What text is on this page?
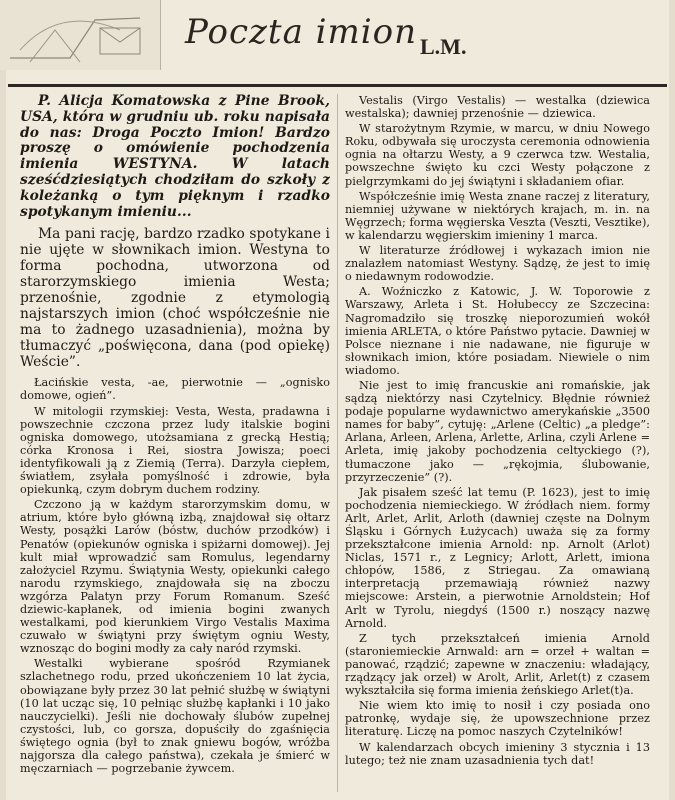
Poczta imion L.M.

P. Alicja Komatowska z Pine Brook, USA, która w grudniu ub. roku napisała do nas: Droga Poczto Imion! Bardzo proszę o omówienie pochodzenia imienia WESTYNA. W latach sześćdziesiątych chodziłam do szkoły z koleżanką o tym pięknym i rzadko spotykanym imieniu...

Ma pani rację, bardzo rzadko spotykane i nie ujęte w słownikach imion. Westyna to forma pochodna, utworzona od starorzymskiego imienia Westa; przenośnie, zgodnie z etymologią najstarszych imion (choć współcześnie nie ma to żadnego uzasadnienia), można by tłumaczyć „poświęcona, dana (pod opiekę) Weście”.

Łacińskie vesta, -ae, pierwotnie — „ognisko domowe, ogień”.

W mitologii rzymskiej: Vesta, Westa, pradawna i powszechnie czczona przez ludy italskie bogini ogniska domowego, utożsamiana z grecką Hestią; córka Kronosa i Rei, siostra Jowisza; poeci identyfikowali ją z Ziemią (Terra). Darzyła ciepłem, światłem, zsyłała pomyślność i zdrowie, była opiekunką, czym dobrym duchem rodziny.

Czczono ją w każdym starorzymskim domu, w atrium, które było główną izbą, znajdował się ołtarz Westy, posążki Larów (bóstw, duchów przodków) i Penatów (opiekunów ogniska i spiżarni domowej). Jej kult miał wprowadzić sam Romulus, legendarny założyciel Rzymu. Świątynia Westy, opiekunki całego narodu rzymskiego, znajdowała się na zboczu wzgórza Palatyn przy Forum Romanum. Sześć dziewic-kapłanek, od imienia bogini zwanych westalkami, pod kierunkiem Virgo Vestalis Maxima czuwało w świątyni przy świętym ogniu Westy, wznosząc do bogini modły za cały naród rzymski.

Westalki wybierane spośród Rzymianek szlachetnego rodu, przed ukończeniem 10 lat życia, obowiązane były przez 30 lat pełnić służbę w świątyni (10 lat ucząc się, 10 pełniąc służbę kapłanki i 10 jako nauczycielki). Jeśli nie dochowały ślubów zupełnej czystości, lub, co gorsza, dopuściły do zgaśnięcia świętego ognia (był to znak gniewu bogów, wróżba najgorsza dla całego państwa), czekała je śmierć w męczarniach — pogrzebanie żywcem.

Vestalis (Virgo Vestalis) — westalka (dziewica westalska); dawniej przenośnie — dziewica.

W starożytnym Rzymie, w marcu, w dniu Nowego Roku, odbywała się uroczysta ceremonia odnowienia ognia na ołtarzu Westy, a 9 czerwca tzw. Westalia, powszechne święto ku czci Westy połączone z pielgrzymkami do jej świątyni i składaniem ofiar.

Współcześnie imię Westa znane raczej z literatury, niemniej używane w niektórych krajach, m. in. na Węgrzech; forma węgierska Veszta (Veszti, Vesztike), w kalendarzu węgierskim imieniny 1 marca.

W literaturze źródłowej i wykazach imion nie znalazłem natomiast Westyny. Sądzę, że jest to imię o niedawnym rodowodzie.

A. Woźniczko z Katowic, J. W. Toporowie z Warszawy, Arleta i St. Hołubeccy ze Szczecina: Nagromadziło się troszkę nieporozumień wokół imienia ARLETA, o które Państwo pytacie. Dawniej w Polsce nieznane i nie nadawane, nie figuruje w słownikach imion, które posiadam. Niewiele o nim wiadomo.

Nie jest to imię francuskie ani romańskie, jak sądzą niektórzy nasi Czytelnicy. Błędnie również podaje popularne wydawnictwo amerykańskie „3500 names for baby”, cytuję: „Arlene (Celtic) „a pledge”: Arlana, Arleen, Arlena, Arlette, Arlina, czyli Arlene = Arleta, imię jakoby pochodzenia celtyckiego (?), tłumaczone jako — „rękojmia, ślubowanie, przyrzeczenie” (?).

Jak pisałem sześć lat temu (P. 1623), jest to imię pochodzenia niemieckiego. W źródłach niem. formy Arlt, Arlet, Arlit, Arloth (dawniej częste na Dolnym Śląsku i Górnych Łużycach) uważa się za formy przekształcone imienia Arnold: np. Arnolt (Arlot) Niclas, 1571 r., z Legnicy; Arlott, Arlett, imiona chłopów, 1586, z Striegau. Za omawianą interpretacją przemawiają również nazwy miejscowe: Arstein, a pierwotnie Arnoldstein; Hof Arlt w Tyrolu, niegdyś (1500 r.) noszący nazwę Arnold.

Z tych przekształceń imienia Arnold (staroniemieckie Arnwald: arn = orzeł + waltan = panować, rządzić; zapewne w znaczeniu: władający, rządzący jak orzeł) w Arolt, Arlit, Arlet(t) z czasem wykształciła się forma imienia żeńskiego Arlet(t)a.

Nie wiem kto imię to nosił i czy posiada ono patronkę, wydaje się, że upowszechnione przez literaturę. Liczę na pomoc naszych Czytelników!

W kalendarzach obcych imieniny 3 stycznia i 13 lutego; też nie znam uzasadnienia tych dat!
